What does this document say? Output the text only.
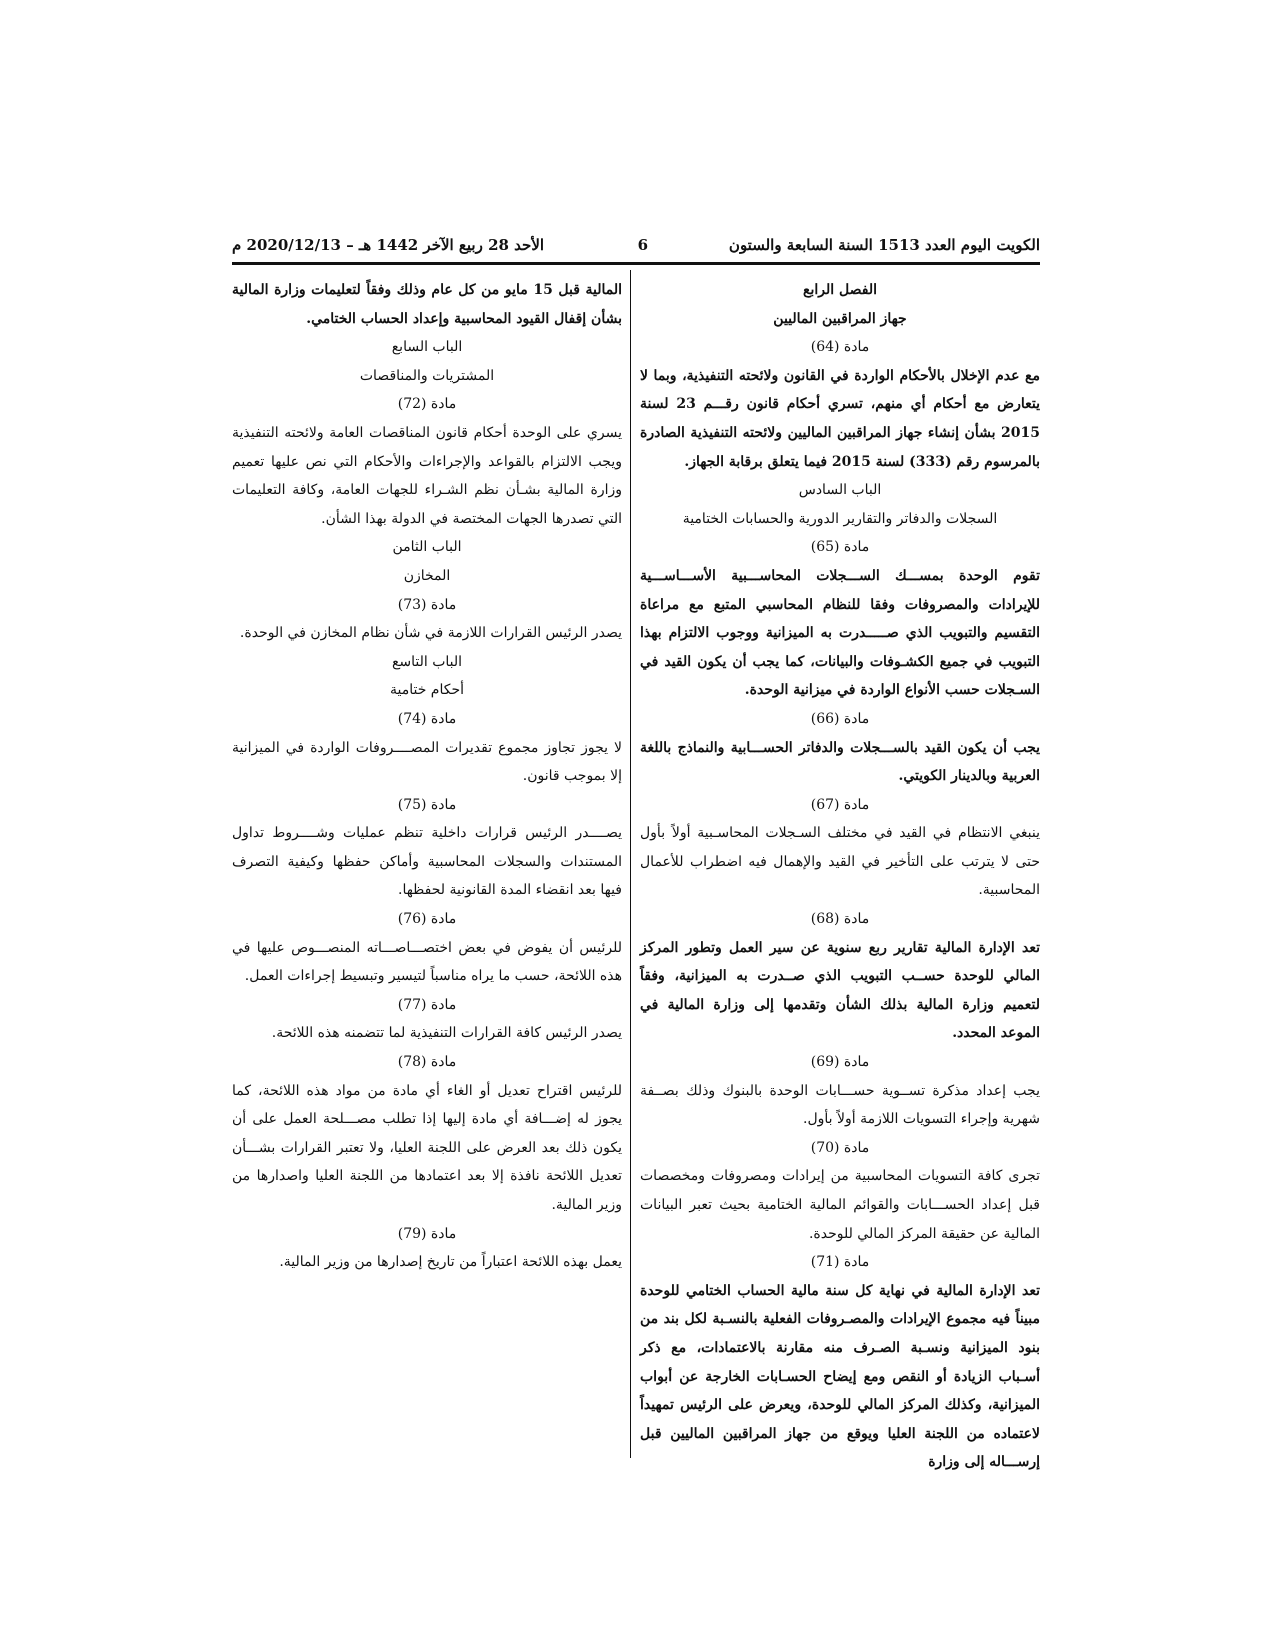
الكويت اليوم العدد 1513 السنة السابعة والستون
6
الأحد 28 ربيع الآخر 1442 هـ – 2020/12/13 م
الفصل الرابع
جهاز المراقبين الماليين
مادة (64)
مع عدم الإخلال بالأحكام الواردة في القانون ولائحته التنفيذية، وبما لا يتعارض مع أحكام أي منهم، تسري أحكام قانون رقـــم 23 لسنة 2015 بشأن إنشاء جهاز المراقبين الماليين ولائحته التنفيذية الصادرة بالمرسوم رقم (333) لسنة 2015 فيما يتعلق برقابة الجهاز.
الباب السادس
السجلات والدفاتر والتقارير الدورية والحسابات الختامية
مادة (65)
تقوم الوحدة بمســـك الســـجلات المحاســـبية الأســـاســـية للإيرادات والمصروفات وفقا للنظام المحاسبي المتبع مع مراعاة التقسيم والتبويب الذي صـــــدرت به الميزانية ووجوب الالتزام بهذا التبويب في جميع الكشـوفات والبيانات، كما يجب أن يكون القيد في السـجلات حسب الأنواع الواردة في ميزانية الوحدة.
مادة (66)
يجب أن يكون القيد بالســـجلات والدفاتر الحســـابية والنماذج باللغة العربية وبالدينار الكويتي.
مادة (67)
ينبغي الانتظام في القيد في مختلف السـجلات المحاسـبية أولاً بأول حتى لا يترتب على التأخير في القيد والإهمال فيه اضطراب للأعمال المحاسبية.
مادة (68)
تعد الإدارة المالية تقارير ربع سنوية عن سير العمل وتطور المركز المالي للوحدة حســب التبويب الذي صــدرت به الميزانية، وفقاً لتعميم وزارة المالية بذلك الشأن وتقدمها إلى وزارة المالية في الموعد المحدد.
مادة (69)
يجب إعداد مذكرة تســوية حســـابات الوحدة بالبنوك وذلك بصــفة شهرية وإجراء التسويات اللازمة أولاً بأول.
مادة (70)
تجرى كافة التسويات المحاسبية من إيرادات ومصروفات ومخصصات قبل إعداد الحســـابات والقوائم المالية الختامية بحيث تعبر البيانات المالية عن حقيقة المركز المالي للوحدة.
مادة (71)
تعد الإدارة المالية في نهاية كل سنة مالية الحساب الختامي للوحدة مبيناً فيه مجموع الإيرادات والمصـروفات الفعلية بالنسـبة لكل بند من بنود الميزانية ونسـبة الصـرف منه مقارنة بالاعتمادات، مع ذكر أسـباب الزيادة أو النقص ومع إيضاح الحسـابات الخارجة عن أبواب الميزانية، وكذلك المركز المالي للوحدة، ويعرض على الرئيس تمهيداً لاعتماده من اللجنة العليا ويوقع من جهاز المراقبين الماليين قبل إرســـاله إلى وزارة
المالية قبل 15 مايو من كل عام وذلك وفقاً لتعليمات وزارة المالية بشأن إقفال القيود المحاسبية وإعداد الحساب الختامي.
الباب السابع
المشتريات والمناقصات
مادة (72)
يسري على الوحدة أحكام قانون المناقصات العامة ولائحته التنفيذية ويجب الالتزام بالقواعد والإجراءات والأحكام التي نص عليها تعميم وزارة المالية بشـأن نظم الشـراء للجهات العامة، وكافة التعليمات التي تصدرها الجهات المختصة في الدولة بهذا الشأن.
الباب الثامن
المخازن
مادة (73)
يصدر الرئيس القرارات اللازمة في شأن نظام المخازن في الوحدة.
الباب التاسع
أحكام ختامية
مادة (74)
لا يجوز تجاوز مجموع تقديرات المصــــروفات الواردة في الميزانية إلا بموجب قانون.
مادة (75)
يصــــدر الرئيس قرارات داخلية تنظم عمليات وشــــروط تداول المستندات والسجلات المحاسبية وأماكن حفظها وكيفية التصرف فيها بعد انقضاء المدة القانونية لحفظها.
مادة (76)
للرئيس أن يفوض في بعض اختصـــاصـــاته المنصـــوص عليها في هذه اللائحة، حسب ما يراه مناسباً لتيسير وتبسيط إجراءات العمل.
مادة (77)
يصدر الرئيس كافة القرارات التنفيذية لما تتضمنه هذه اللائحة.
مادة (78)
للرئيس اقتراح تعديل أو الغاء أي مادة من مواد هذه اللائحة، كما يجوز له إضـــافة أي مادة إليها إذا تطلب مصـــلحة العمل على أن يكون ذلك بعد العرض على اللجنة العليا، ولا تعتبر القرارات بشـــأن تعديل اللائحة نافذة إلا بعد اعتمادها من اللجنة العليا واصدارها من وزير المالية.
مادة (79)
يعمل بهذه اللائحة اعتباراً من تاريخ إصدارها من وزير المالية.
